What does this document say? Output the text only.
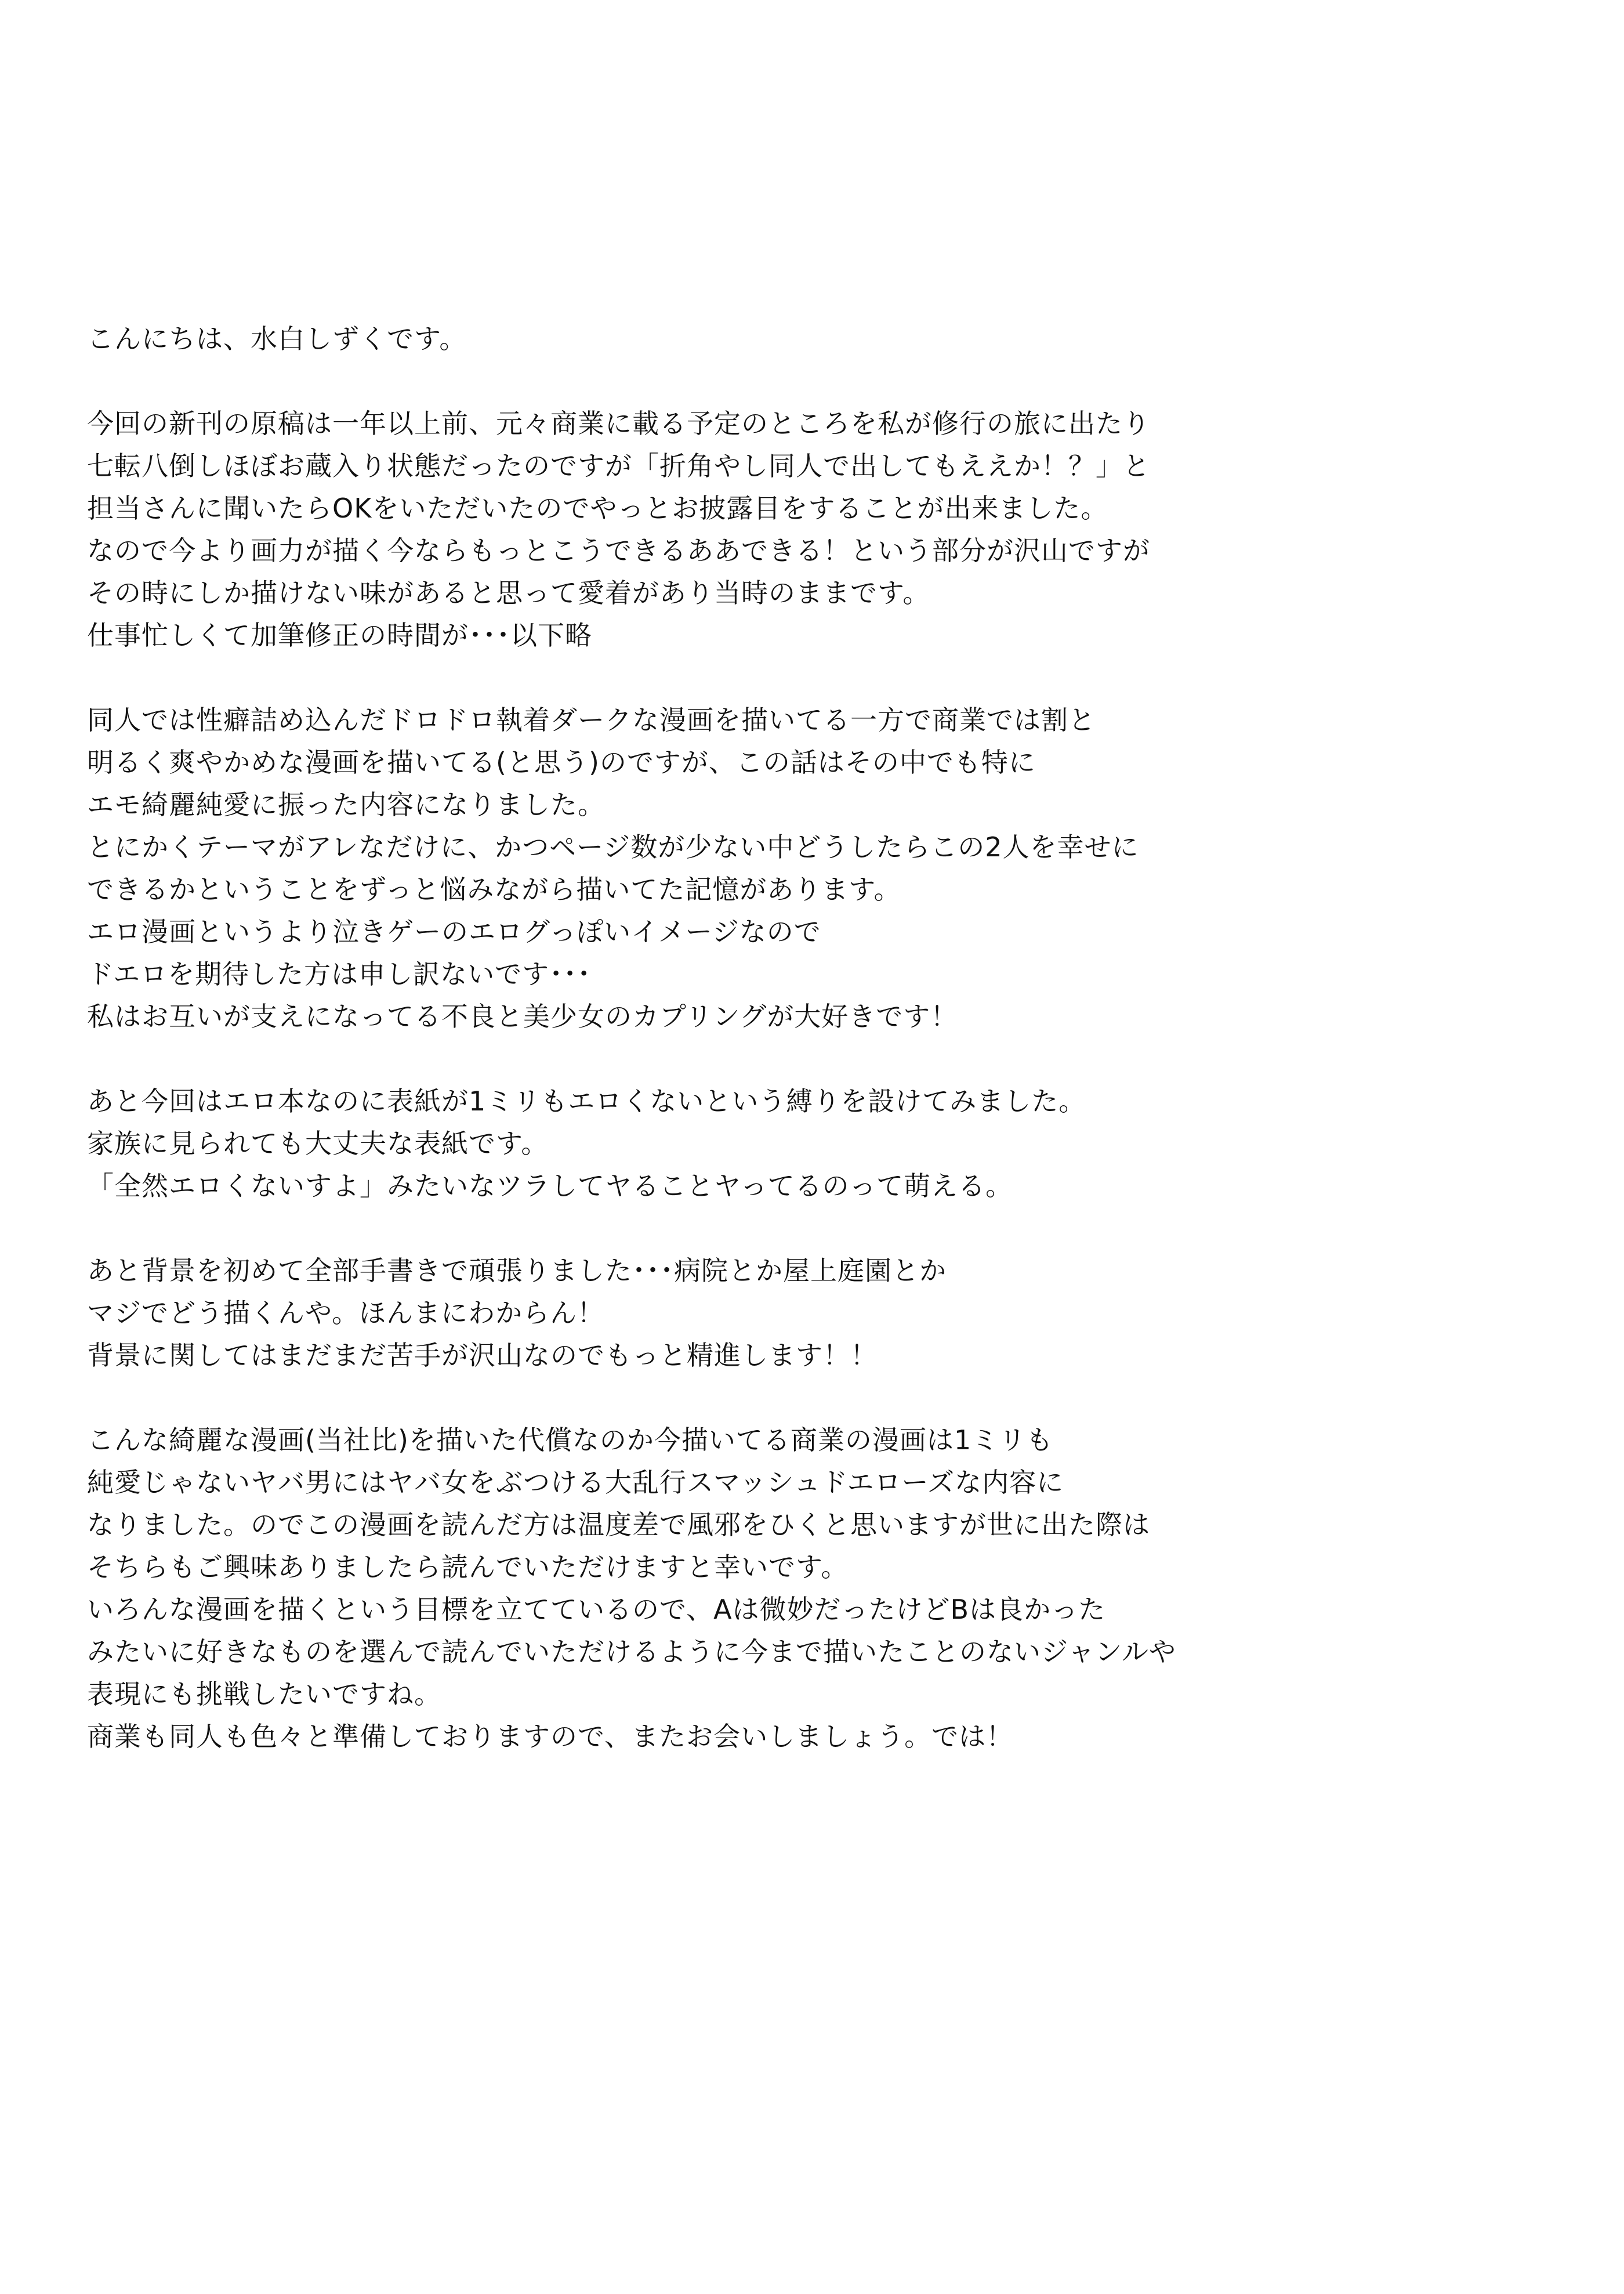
こんにちは、水白しずくです。
今回の新刊の原稿は一年以上前、元々商業に載る予定のところを私が修行の旅に出たり
七転八倒しほぼお蔵入り状態だったのですが「折角やし同人で出してもええか！？」と
担当さんに聞いたらOKをいただいたのでやっとお披露目をすることが出来ました。
なので今より画力が描く今ならもっとこうできるああできる！という部分が沢山ですが
その時にしか描けない味があると思って愛着があり当時のままです。
仕事忙しくて加筆修正の時間が･･･以下略
同人では性癖詰め込んだドロドロ執着ダークな漫画を描いてる一方で商業では割と
明るく爽やかめな漫画を描いてる(と思う)のですが、この話はその中でも特に
エモ綺麗純愛に振った内容になりました。
とにかくテーマがアレなだけに、かつページ数が少ない中どうしたらこの2人を幸せに
できるかということをずっと悩みながら描いてた記憶があります。
エロ漫画というより泣きゲーのエログっぽいイメージなので
ドエロを期待した方は申し訳ないです･･･
私はお互いが支えになってる不良と美少女のカプリングが大好きです！
あと今回はエロ本なのに表紙が1ミリもエロくないという縛りを設けてみました。
家族に見られても大丈夫な表紙です。
「全然エロくないすよ」みたいなツラしてヤることヤってるのって萌える。
あと背景を初めて全部手書きで頑張りました･･･病院とか屋上庭園とか
マジでどう描くんや。ほんまにわからん！
背景に関してはまだまだ苦手が沢山なのでもっと精進します！！
こんな綺麗な漫画(当社比)を描いた代償なのか今描いてる商業の漫画は1ミリも
純愛じゃないヤバ男にはヤバ女をぶつける大乱行スマッシュドエローズな内容に
なりました。のでこの漫画を読んだ方は温度差で風邪をひくと思いますが世に出た際は
そちらもご興味ありましたら読んでいただけますと幸いです。
いろんな漫画を描くという目標を立てているので、Aは微妙だったけどBは良かった
みたいに好きなものを選んで読んでいただけるように今まで描いたことのないジャンルや
表現にも挑戦したいですね。
商業も同人も色々と準備しておりますので、またお会いしましょう。では！
